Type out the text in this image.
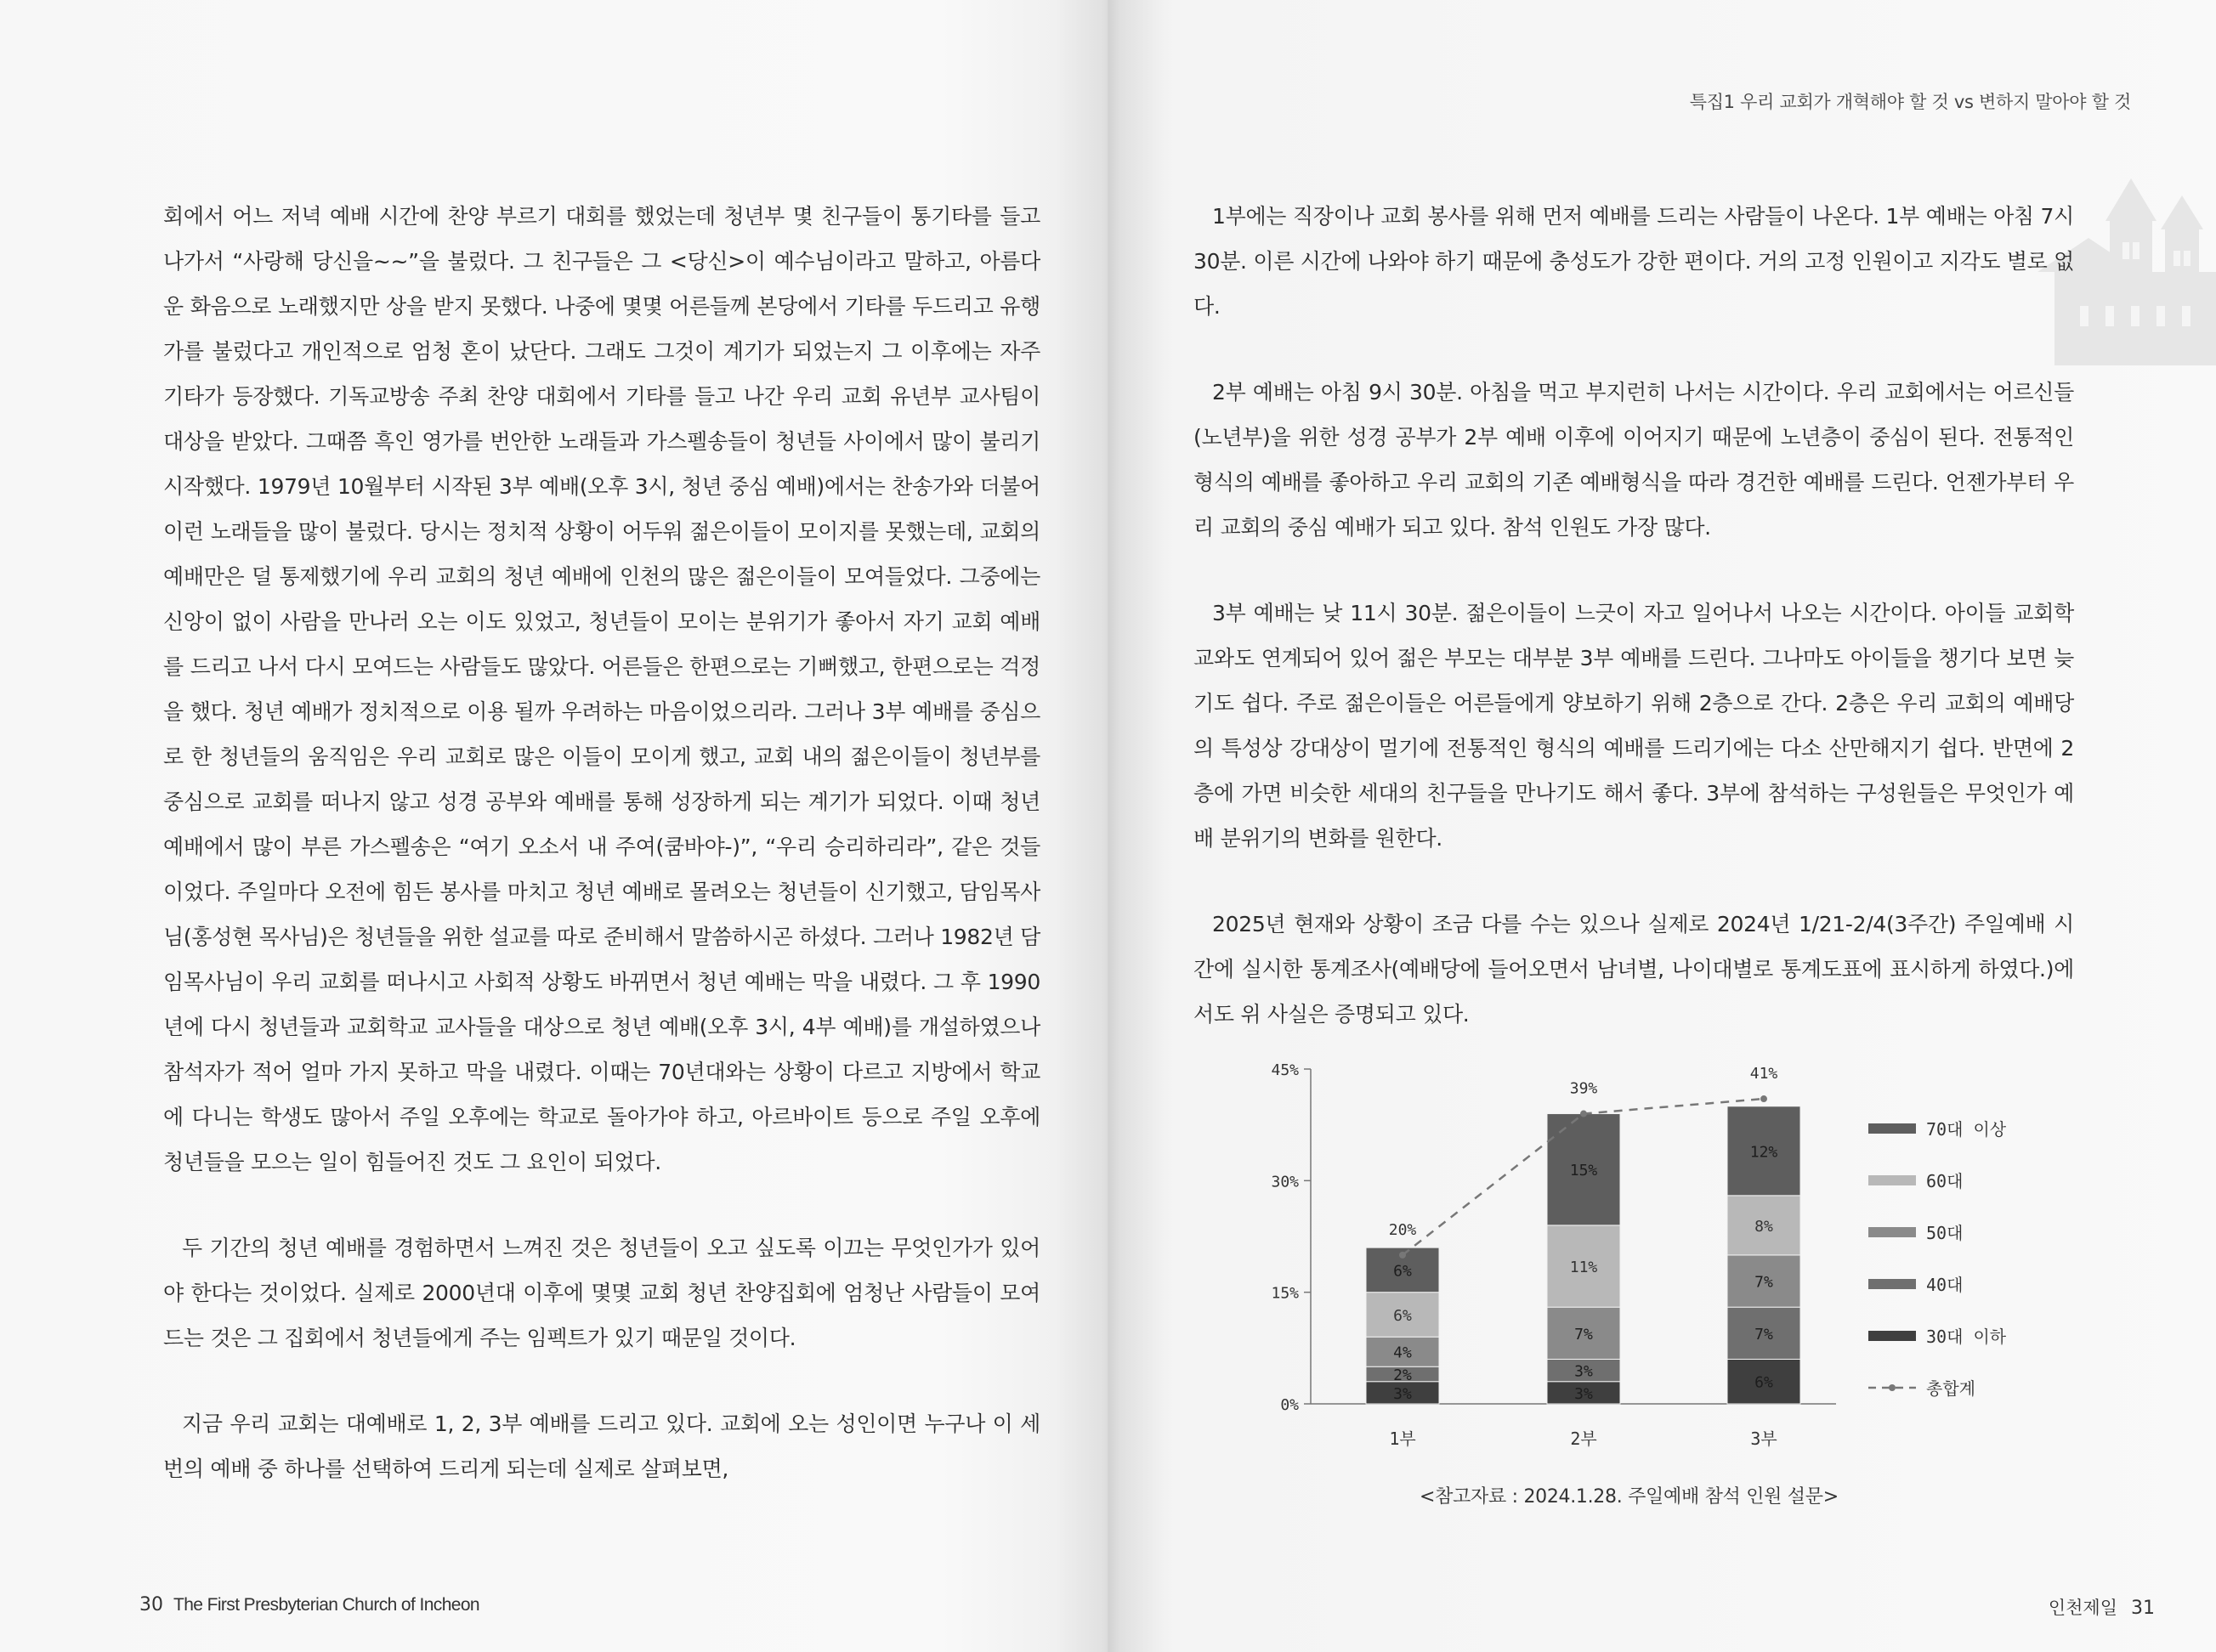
회에서 어느 저녁 예배 시간에 찬양 부르기 대회를 했었는데 청년부 몇 친구들이 통기타를 들고 나가서 “사랑해 당신을~~”을 불렀다. 그 친구들은 그 <당신>이 예수님이라고 말하고, 아름다운 화음으로 노래했지만 상을 받지 못했다. 나중에 몇몇 어른들께 본당에서 기타를 두드리고 유행가를 불렀다고 개인적으로 엄청 혼이 났단다. 그래도 그것이 계기가 되었는지 그 이후에는 자주 기타가 등장했다. 기독교방송 주최 찬양 대회에서 기타를 들고 나간 우리 교회 유년부 교사팀이 대상을 받았다. 그때쯤 흑인 영가를 번안한 노래들과 가스펠송들이 청년들 사이에서 많이 불리기 시작했다. 1979년 10월부터 시작된 3부 예배(오후 3시, 청년 중심 예배)에서는 찬송가와 더불어 이런 노래들을 많이 불렀다. 당시는 정치적 상황이 어두워 젊은이들이 모이지를 못했는데, 교회의 예배만은 덜 통제했기에 우리 교회의 청년 예배에 인천의 많은 젊은이들이 모여들었다. 그중에는 신앙이 없이 사람을 만나러 오는 이도 있었고, 청년들이 모이는 분위기가 좋아서 자기 교회 예배를 드리고 나서 다시 모여드는 사람들도 많았다. 어른들은 한편으로는 기뻐했고, 한편으로는 걱정을 했다. 청년 예배가 정치적으로 이용 될까 우려하는 마음이었으리라. 그러나 3부 예배를 중심으로 한 청년들의 움직임은 우리 교회로 많은 이들이 모이게 했고, 교회 내의 젊은이들이 청년부를 중심으로 교회를 떠나지 않고 성경 공부와 예배를 통해 성장하게 되는 계기가 되었다. 이때 청년 예배에서 많이 부른 가스펠송은 “여기 오소서 내 주여(쿰바야-)”, “우리 승리하리라”, 같은 것들이었다. 주일마다 오전에 힘든 봉사를 마치고 청년 예배로 몰려오는 청년들이 신기했고, 담임목사님(홍성현 목사님)은 청년들을 위한 설교를 따로 준비해서 말씀하시곤 하셨다. 그러나 1982년 담임목사님이 우리 교회를 떠나시고 사회적 상황도 바뀌면서 청년 예배는 막을 내렸다. 그 후 1990년에 다시 청년들과 교회학교 교사들을 대상으로 청년 예배(오후 3시, 4부 예배)를 개설하였으나 참석자가 적어 얼마 가지 못하고 막을 내렸다. 이때는 70년대와는 상황이 다르고 지방에서 학교에 다니는 학생도 많아서 주일 오후에는 학교로 돌아가야 하고, 아르바이트 등으로 주일 오후에 청년들을 모으는 일이 힘들어진 것도 그 요인이 되었다.

두 기간의 청년 예배를 경험하면서 느껴진 것은 청년들이 오고 싶도록 이끄는 무엇인가가 있어야 한다는 것이었다. 실제로 2000년대 이후에 몇몇 교회 청년 찬양집회에 엄청난 사람들이 모여드는 것은 그 집회에서 청년들에게 주는 임펙트가 있기 때문일 것이다.

지금 우리 교회는 대예배로 1, 2, 3부 예배를 드리고 있다. 교회에 오는 성인이면 누구나 이 세 번의 예배 중 하나를 선택하여 드리게 되는데 실제로 살펴보면,

30 The First Presbyterian Church of Incheon
특집1 우리 교회가 개혁해야 할 것 vs 변하지 말아야 할 것

1부에는 직장이나 교회 봉사를 위해 먼저 예배를 드리는 사람들이 나온다. 1부 예배는 아침 7시 30분. 이른 시간에 나와야 하기 때문에 충성도가 강한 편이다. 거의 고정 인원이고 지각도 별로 없다.

2부 예배는 아침 9시 30분. 아침을 먹고 부지런히 나서는 시간이다. 우리 교회에서는 어르신들(노년부)을 위한 성경 공부가 2부 예배 이후에 이어지기 때문에 노년층이 중심이 된다. 전통적인 형식의 예배를 좋아하고 우리 교회의 기존 예배형식을 따라 경건한 예배를 드린다. 언젠가부터 우리 교회의 중심 예배가 되고 있다. 참석 인원도 가장 많다.

3부 예배는 낮 11시 30분. 젊은이들이 느긋이 자고 일어나서 나오는 시간이다. 아이들 교회학교와도 연계되어 있어 젊은 부모는 대부분 3부 예배를 드린다. 그나마도 아이들을 챙기다 보면 늦기도 쉽다. 주로 젊은이들은 어른들에게 양보하기 위해 2층으로 간다. 2층은 우리 교회의 예배당의 특성상 강대상이 멀기에 전통적인 형식의 예배를 드리기에는 다소 산만해지기 쉽다. 반면에 2층에 가면 비슷한 세대의 친구들을 만나기도 해서 좋다. 3부에 참석하는 구성원들은 무엇인가 예배 분위기의 변화를 원한다.

2025년 현재와 상황이 조금 다를 수는 있으나 실제로 2024년 1/21-2/4(3주간) 주일예배 시간에 실시한 통계조사(예배당에 들어오면서 남녀별, 나이대별로 통계도표에 표시하게 하였다.)에서도 위 사실은 증명되고 있다.

인천제일 31
0%
15%
30%
45%
3%
2%
4%
6%
6%
1부
3%
3%
7%
11%
15%
2부
6%
7%
7%
8%
12%
3부
20%
39%
41%
70대 이상
60대
50대
40대
30대 이하
총합계
<참고자료 : 2024.1.28. 주일예배 참석 인원 설문>
